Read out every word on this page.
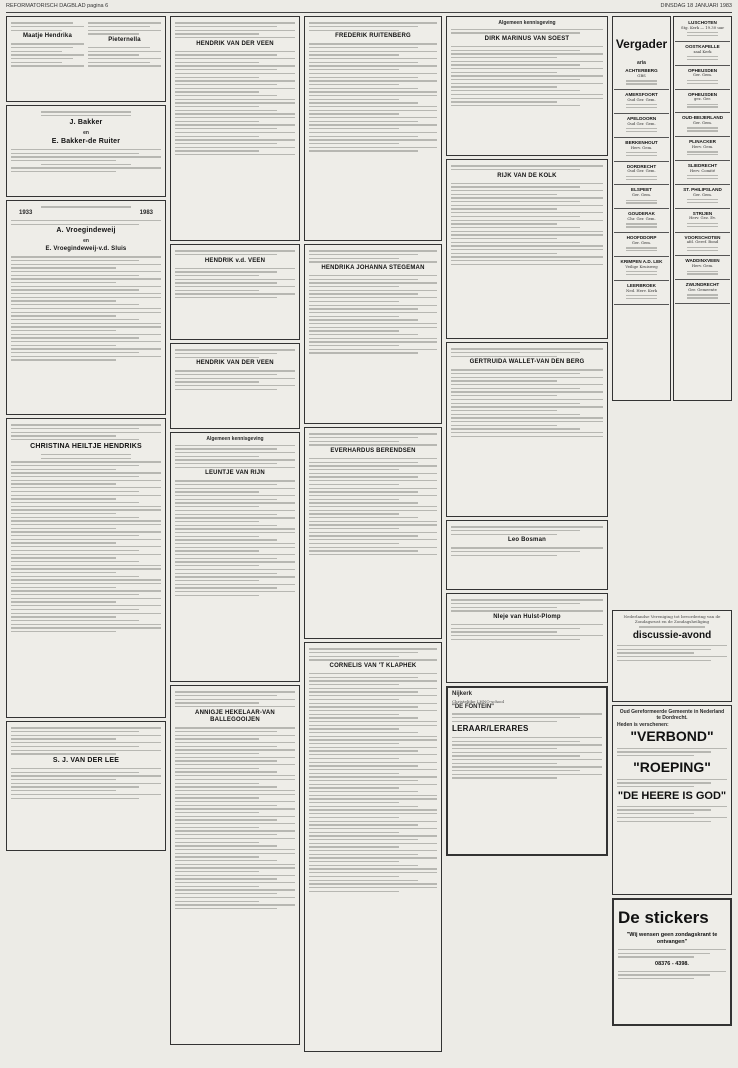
REFORMATORISCH DAGBLAD pagina 6	DINSDAG 18 JANUARI 1983
Maatje Hendrika
Pieternella
J. Bakker
en
E. Bakker-de Ruiter
1933	1983
A. Vroegindeweij
en
E. Vroegindeweij-v.d. Sluis
CHRISTINA HEILTJE HENDRIKS
S. J. VAN DER LEE
HENDRIK VAN DER VEEN
HENDRIK v.d. VEEN
HENDRIK VAN DER VEEN
Algemeen kennisgeving
LEUNTJE VAN RIJN
ANNIGJE HEKELAAR-VAN BALLEGOOIJEN
FREDERIK RUITENBERG
HENDRIKA JOHANNA STEGEMAN
EVERHARDUS BERENDSEN
CORNELIS VAN 'T KLAPHEK
Algemeen kennisgeving
DIRK MARINUS VAN SOEST
RIJK VAN DE KOLK
GERTRUIDA WALLET-VAN DEN BERG
Leo Bosman
Nleje van Hulst-Plomp
Nijkerk
Christelijke LHNO-school
"DE FONTEIN"
LERAAR/LERARES
Vergader
aria
ACHTERBERG
GBS
AMERSFOORT
Oud Ger. Gem.
APELDOORN
Oud Ger. Gem.
BERKENHOUT
Herv. Gem.
DORDRECHT
Oud Ger. Gem.
ELSPEET
Ger. Gem.
GOUDERAK
Chr. Ger. Gem.
HOOFDDORP
Ger. Gem.
KRIMPEN A.D. LEK
Veilige Kruisweg
LEERBROEK
Ned. Herv. Kerk
LUSCHOTEN
Stg. Kerk — 19.30 uur
OOSTKAPELLE
zaal Kerk
OPHEUSDEN
Ger. Gem.
OPHEUSDEN
gez. Ger.
OUD-BEIJERLAND
Ger. Gem.
PLINACKER
Herv. Gem.
SLIEDRECHT
Herv. Comité
ST. PHILIPSLAND
Ger. Gem.
STRIJEN
Herv. Gez. Ev.
VOORSCHOTEN
afd. Geref. Bond
WADDINXVEEN
Herv. Gem.
ZWIJNDRECHT
Ger. Gemeente
Nederlandse Vereniging tot bevordering van de Zondagsrust en de Zondagsheiliging
discussie-avond
Oud Gereformeerde Gemeente in Nederland te Dordrecht.
Heden is verschenen:
"VERBOND"
"ROEPING"
"DE HEERE IS GOD"
De stickers
"Wij wensen geen zondagskrant te ontvangen"
08376 - 4398.
